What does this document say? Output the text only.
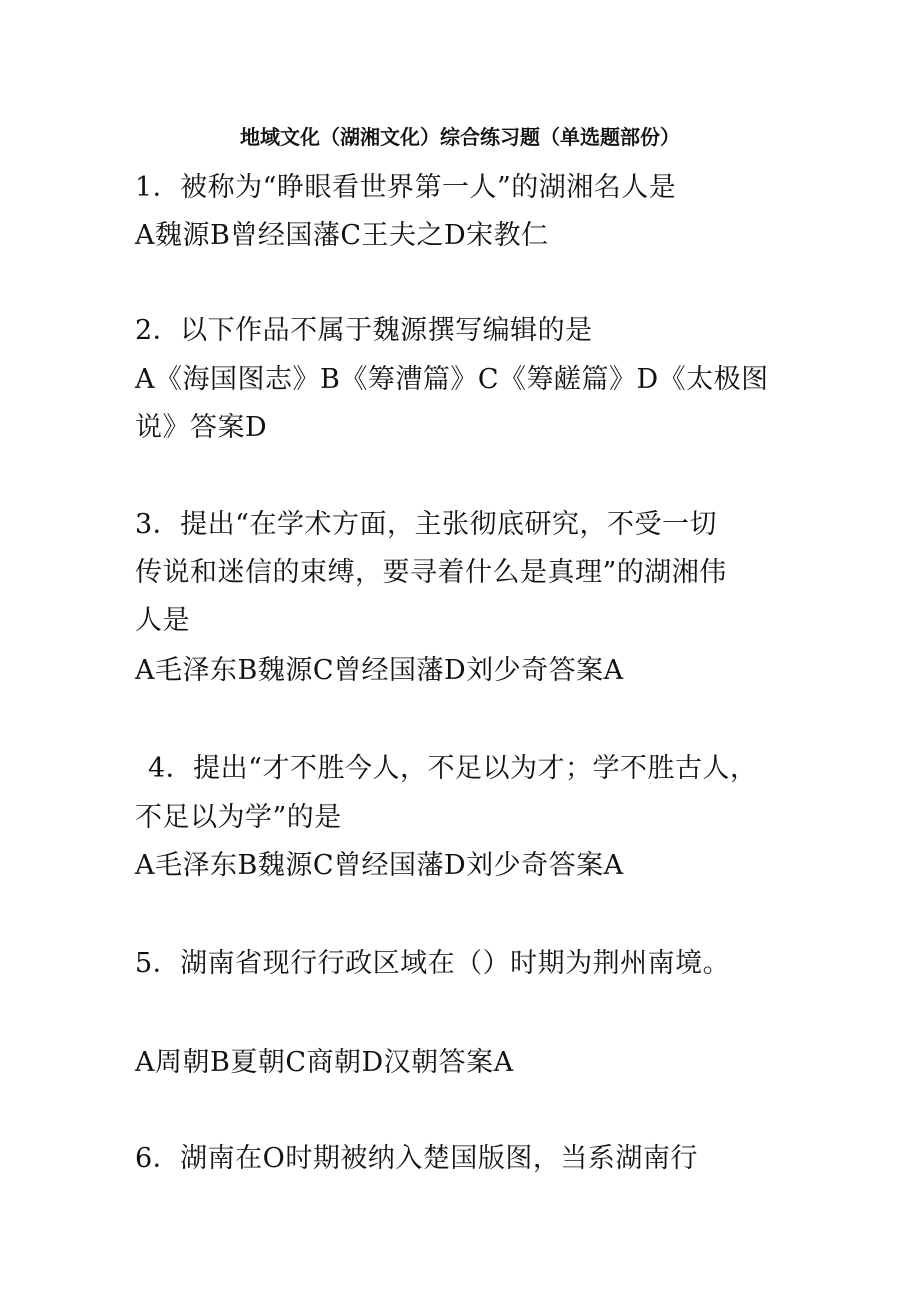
地域文化（湖湘文化）综合练习题（单选题部份）
1．被称为“睁眼看世界第一人”的湖湘名人是
A魏源B曾经国藩C王夫之D宋教仁
2．以下作品不属于魏源撰写编辑的是
A《海国图志》B《筹漕篇》C《筹鹾篇》D《太极图
说》答案D
3．提出“在学术方面，主张彻底研究，不受一切
传说和迷信的束缚，要寻着什么是真理”的湖湘伟
人是
A毛泽东B魏源C曾经国藩D刘少奇答案A
4．提出“才不胜今人，不足以为才；学不胜古人，
不足以为学”的是
A毛泽东B魏源C曾经国藩D刘少奇答案A
5．湖南省现行行政区域在（）时期为荆州南境。
A周朝B夏朝C商朝D汉朝答案A
6．湖南在O时期被纳入楚国版图，当系湖南行
